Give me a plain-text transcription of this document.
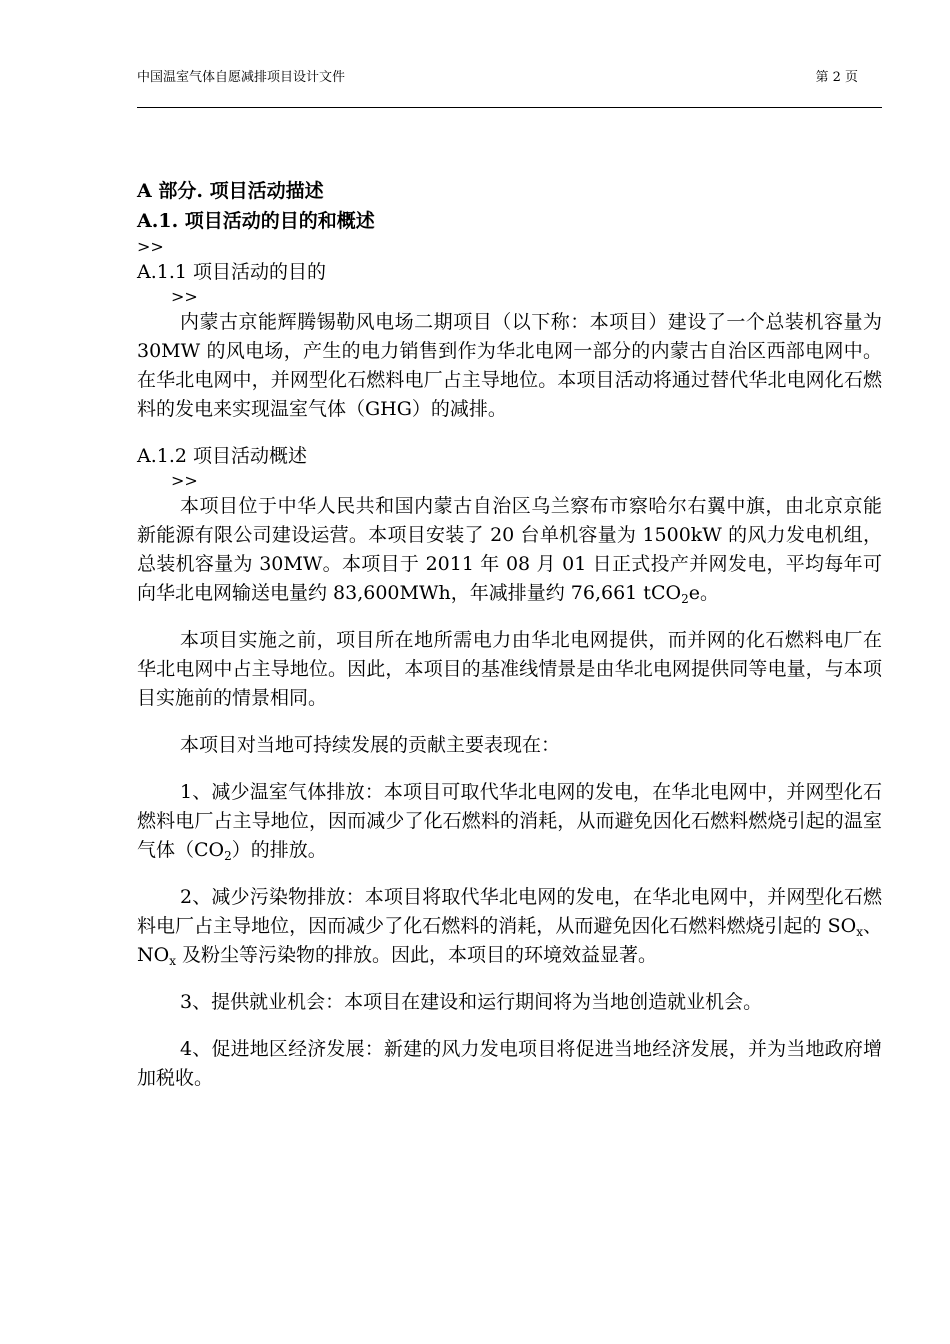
中国温室气体自愿减排项目设计文件	第 2 页

A 部分. 项目活动描述

A.1. 项目活动的目的和概述

>>

A.1.1 项目活动的目的

>>

内蒙古京能辉腾锡勒风电场二期项目（以下称：本项目）建设了一个总装机容量为 30MW 的风电场，产生的电力销售到作为华北电网一部分的内蒙古自治区西部电网中。在华北电网中，并网型化石燃料电厂占主导地位。本项目活动将通过替代华北电网化石燃料的发电来实现温室气体（GHG）的减排。

A.1.2 项目活动概述

>>

本项目位于中华人民共和国内蒙古自治区乌兰察布市察哈尔右翼中旗，由北京京能新能源有限公司建设运营。本项目安装了 20 台单机容量为 1500kW 的风力发电机组，总装机容量为 30MW。本项目于 2011 年 08 月 01 日正式投产并网发电，平均每年可向华北电网输送电量约 83,600MWh，年减排量约 76,661 tCO$_2$e。

本项目实施之前，项目所在地所需电力由华北电网提供，而并网的化石燃料电厂在华北电网中占主导地位。因此，本项目的基准线情景是由华北电网提供同等电量，与本项目实施前的情景相同。

本项目对当地可持续发展的贡献主要表现在：

1、减少温室气体排放：本项目可取代华北电网的发电，在华北电网中，并网型化石燃料电厂占主导地位，因而减少了化石燃料的消耗，从而避免因化石燃料燃烧引起的温室气体$(CO_2)$的排放。

2、减少污染物排放：本项目将取代华北电网的发电，在华北电网中，并网型化石燃料电厂占主导地位，因而减少了化石燃料的消耗，从而避免因化石燃料燃烧引起的 $SO_x$、$NO_x$ 及粉尘等污染物的排放。因此，本项目的环境效益显著。

3、提供就业机会：本项目在建设和运行期间将为当地创造就业机会。

4、促进地区经济发展：新建的风力发电项目将促进当地经济发展，并为当地政府增加税收。
